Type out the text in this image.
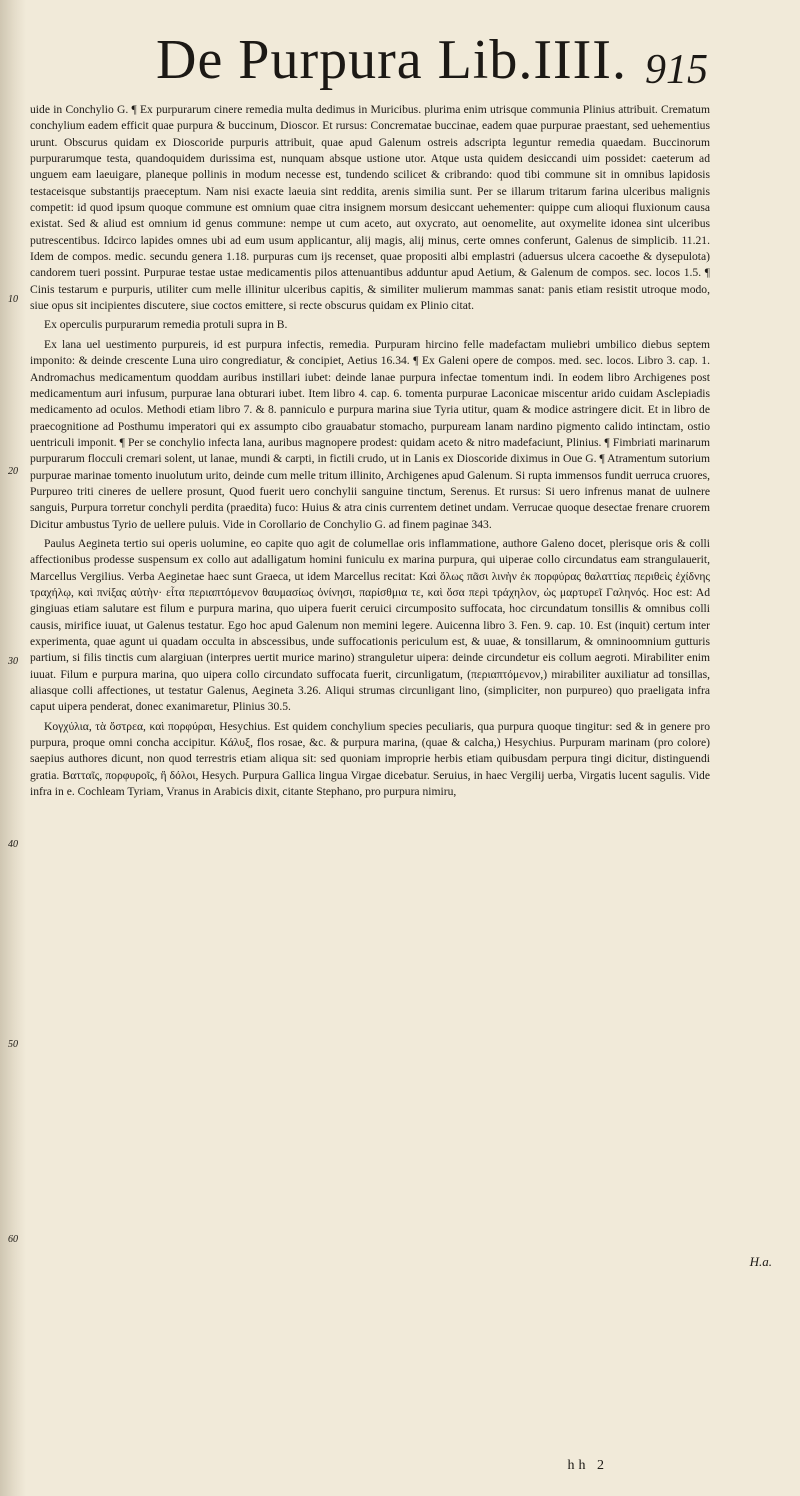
De Purpura Lib.IIII. 915
10
20
30
40
50
60

uide in Conchylio G. ¶ Ex purpurarum cinere remedia multa dedimus in Muricibus. plurima enim utrisque communia Plinius attribuit. Crematum conchylium eadem efficit quae purpura & buccinum, Dioscor. Et rursus: Concrematae buccinae, eadem quae purpurae praestant, sed uehementius urunt. Obscurus quidam ex Dioscoride purpuris attribuit, quae apud Galenum ostreis adscripta leguntur remedia quaedam. Buccinorum purpurarumque testa, quandoquidem durissima est, nunquam absque ustione utor. Atque usta quidem desiccandi uim possidet: caeterum ad unguem eam laeuigare, planeque pollinis in modum necesse est, tundendo scilicet & cribrando: quod tibi commune sit in omnibus lapidosis testaceisque substantijs praeceptum. Nam nisi exacte laeuia sint reddita, arenis similia sunt. Per se illarum tritarum farina ulceribus malignis competit: id quod ipsum quoque commune est omnium quae citra insignem morsum desiccant uehementer: quippe cum alioqui fluxionum causa existat. Sed & aliud est omnium id genus commune: nempe ut cum aceto, aut oxycrato, aut oenomelite, aut oxymelite idonea sint ulceribus putrescentibus. Idcirco lapides omnes ubi ad eum usum applicantur, alij magis, alij minus, certe omnes conferunt, Galenus de simplicib. 11.21. Idem de compos. medic. secundu genera 1.18. purpuras cum ijs recenset, quae propositi albi emplastri (aduersus ulcera cacoethe & dysepulota) candorem tueri possint. Purpurae testae ustae medicamentis pilos attenuantibus adduntur apud Aetium, & Galenum de compos. sec. locos 1.5. ¶ Cinis testarum e purpuris, utiliter cum melle illinitur ulceribus capitis, & similiter mulierum mammas sanat: panis etiam resistit utroque modo, siue opus sit incipientes discutere, siue coctos emittere, si recte obscurus quidam ex Plinio citat.

Ex operculis purpurarum remedia protuli supra in B.

Ex lana uel uestimento purpureis, id est purpura infectis, remedia. Purpuram hircino felle madefactam muliebri umbilico diebus septem imponito: & deinde crescente Luna uiro congrediatur, & concipiet, Aetius 16.34. ¶ Ex Galeni opere de compos. med. sec. locos. Libro 3. cap. 1. Andromachus medicamentum quoddam auribus instillari iubet: deinde lanae purpura infectae tomentum indi. In eodem libro Archigenes post medicamentum auri infusum, purpurae lana obturari iubet. Item libro 4. cap. 6. tomenta purpurae Laconicae miscentur arido cuidam Asclepiadis medicamento ad oculos. Methodi etiam libro 7. & 8. panniculo e purpura marina siue Tyria utitur, quam & modice astringere dicit. Et in libro de praecognitione ad Posthumu imperatori qui ex assumpto cibo grauabatur stomacho, purpuream lanam nardino pigmento calido intinctam, ostio uentriculi imponit. ¶ Per se conchylio infecta lana, auribus magnopere prodest: quidam aceto & nitro madefaciunt, Plinius. ¶ Fimbriati marinarum purpurarum flocculi cremari solent, ut lanae, mundi & carpti, in fictili crudo, ut in Lanis ex Dioscoride diximus in Oue G. ¶ Atramentum sutorium purpurae marinae tomento inuolutum urito, deinde cum melle tritum illinito, Archigenes apud Galenum. Si rupta immensos fundit uerruca cruores, Purpureo triti cineres de uellere prosunt, Quod fuerit uero conchylii sanguine tinctum, Serenus. Et rursus: Si uero infrenus manat de uulnere sanguis, Purpura torretur conchyli perdita (praedita) fuco: Huius & atra cinis currentem detinet undam. Verrucae quoque desectae frenare cruorem Dicitur ambustus Tyrio de uellere puluis. Vide in Corollario de Conchylio G. ad finem paginae 343.

Paulus Aegineta tertio sui operis uolumine, eo capite quo agit de columellae oris inflammatione, authore Galeno docet, plerisque oris & colli affectionibus prodesse suspensum ex collo aut adalligatum homini funiculu ex marina purpura, qui uiperae collo circundatus eam strangulauerit, Marcellus Vergilius. Verba Aeginetae haec sunt Graeca, ut idem Marcellus recitat: Καὶ ὅλως πᾶσι λινὴν ἐκ πορφύρας θαλαττίας περιθεὶς ἐχίδνης τραχήλῳ, καὶ πνίξας αὐτὴν· εἶτα περιαπτόμενον θαυμασίως ὀνίνησι, παρίσθμια τε, καὶ ὅσα περὶ τράχηλον, ὡς μαρτυρεῖ Γαληνός. Hoc est: Ad gingiuas etiam salutare est filum e purpura marina, quo uipera fuerit ceruici circumposito suffocata, hoc circundatum tonsillis & omnibus colli causis, mirifice iuuat, ut Galenus testatur. Ego hoc apud Galenum non memini legere. Auicenna libro 3. Fen. 9. cap. 10. Est (inquit) certum inter experimenta, quae agunt ui quadam occulta in abscessibus, unde suffocationis periculum est, & uuae, & tonsillarum, & omninoomnium gutturis partium, si filis tinctis cum alargiuan (interpres uertit murice marino) stranguletur uipera: deinde circundetur eis collum aegroti. Mirabiliter enim iuuat. Filum e purpura marina, quo uipera collo circundato suffocata fuerit, circunligatum, (περιαπτόμενον,) mirabiliter auxiliatur ad tonsillas, aliasque colli affectiones, ut testatur Galenus, Aegineta 3.26. Aliqui strumas circunligant lino, (simpliciter, non purpureo) quo praeligata infra caput uipera penderat, donec exanimaretur, Plinius 30.5.

Κογχύλια, τὰ ὄστρεα, καὶ πορφύραι, Hesychius. Est quidem conchylium species peculiaris, qua purpura quoque tingitur: sed & in genere pro purpura, proque omni concha accipitur. Κάλυξ, flos rosae, &c. & purpura marina, (quae & calcha,) Hesychius. Purpuram marinam (pro colore) saepius authores dicunt, non quod terrestris etiam aliqua sit: sed quoniam improprie herbis etiam quibusdam perpura tingi dicitur, distinguendi gratia. Βατταῖς, πορφυροῖς, ἢ δόλοι, Hesych. Purpura Gallica lingua Virgae dicebatur. Seruius, in haec Vergilij uerba, Virgatis lucent sagulis. Vide infra in e. Cochleam Tyriam, Vranus in Arabicis dixit, citante Stephano, pro purpura nimiru,

H.a.
hh 2
